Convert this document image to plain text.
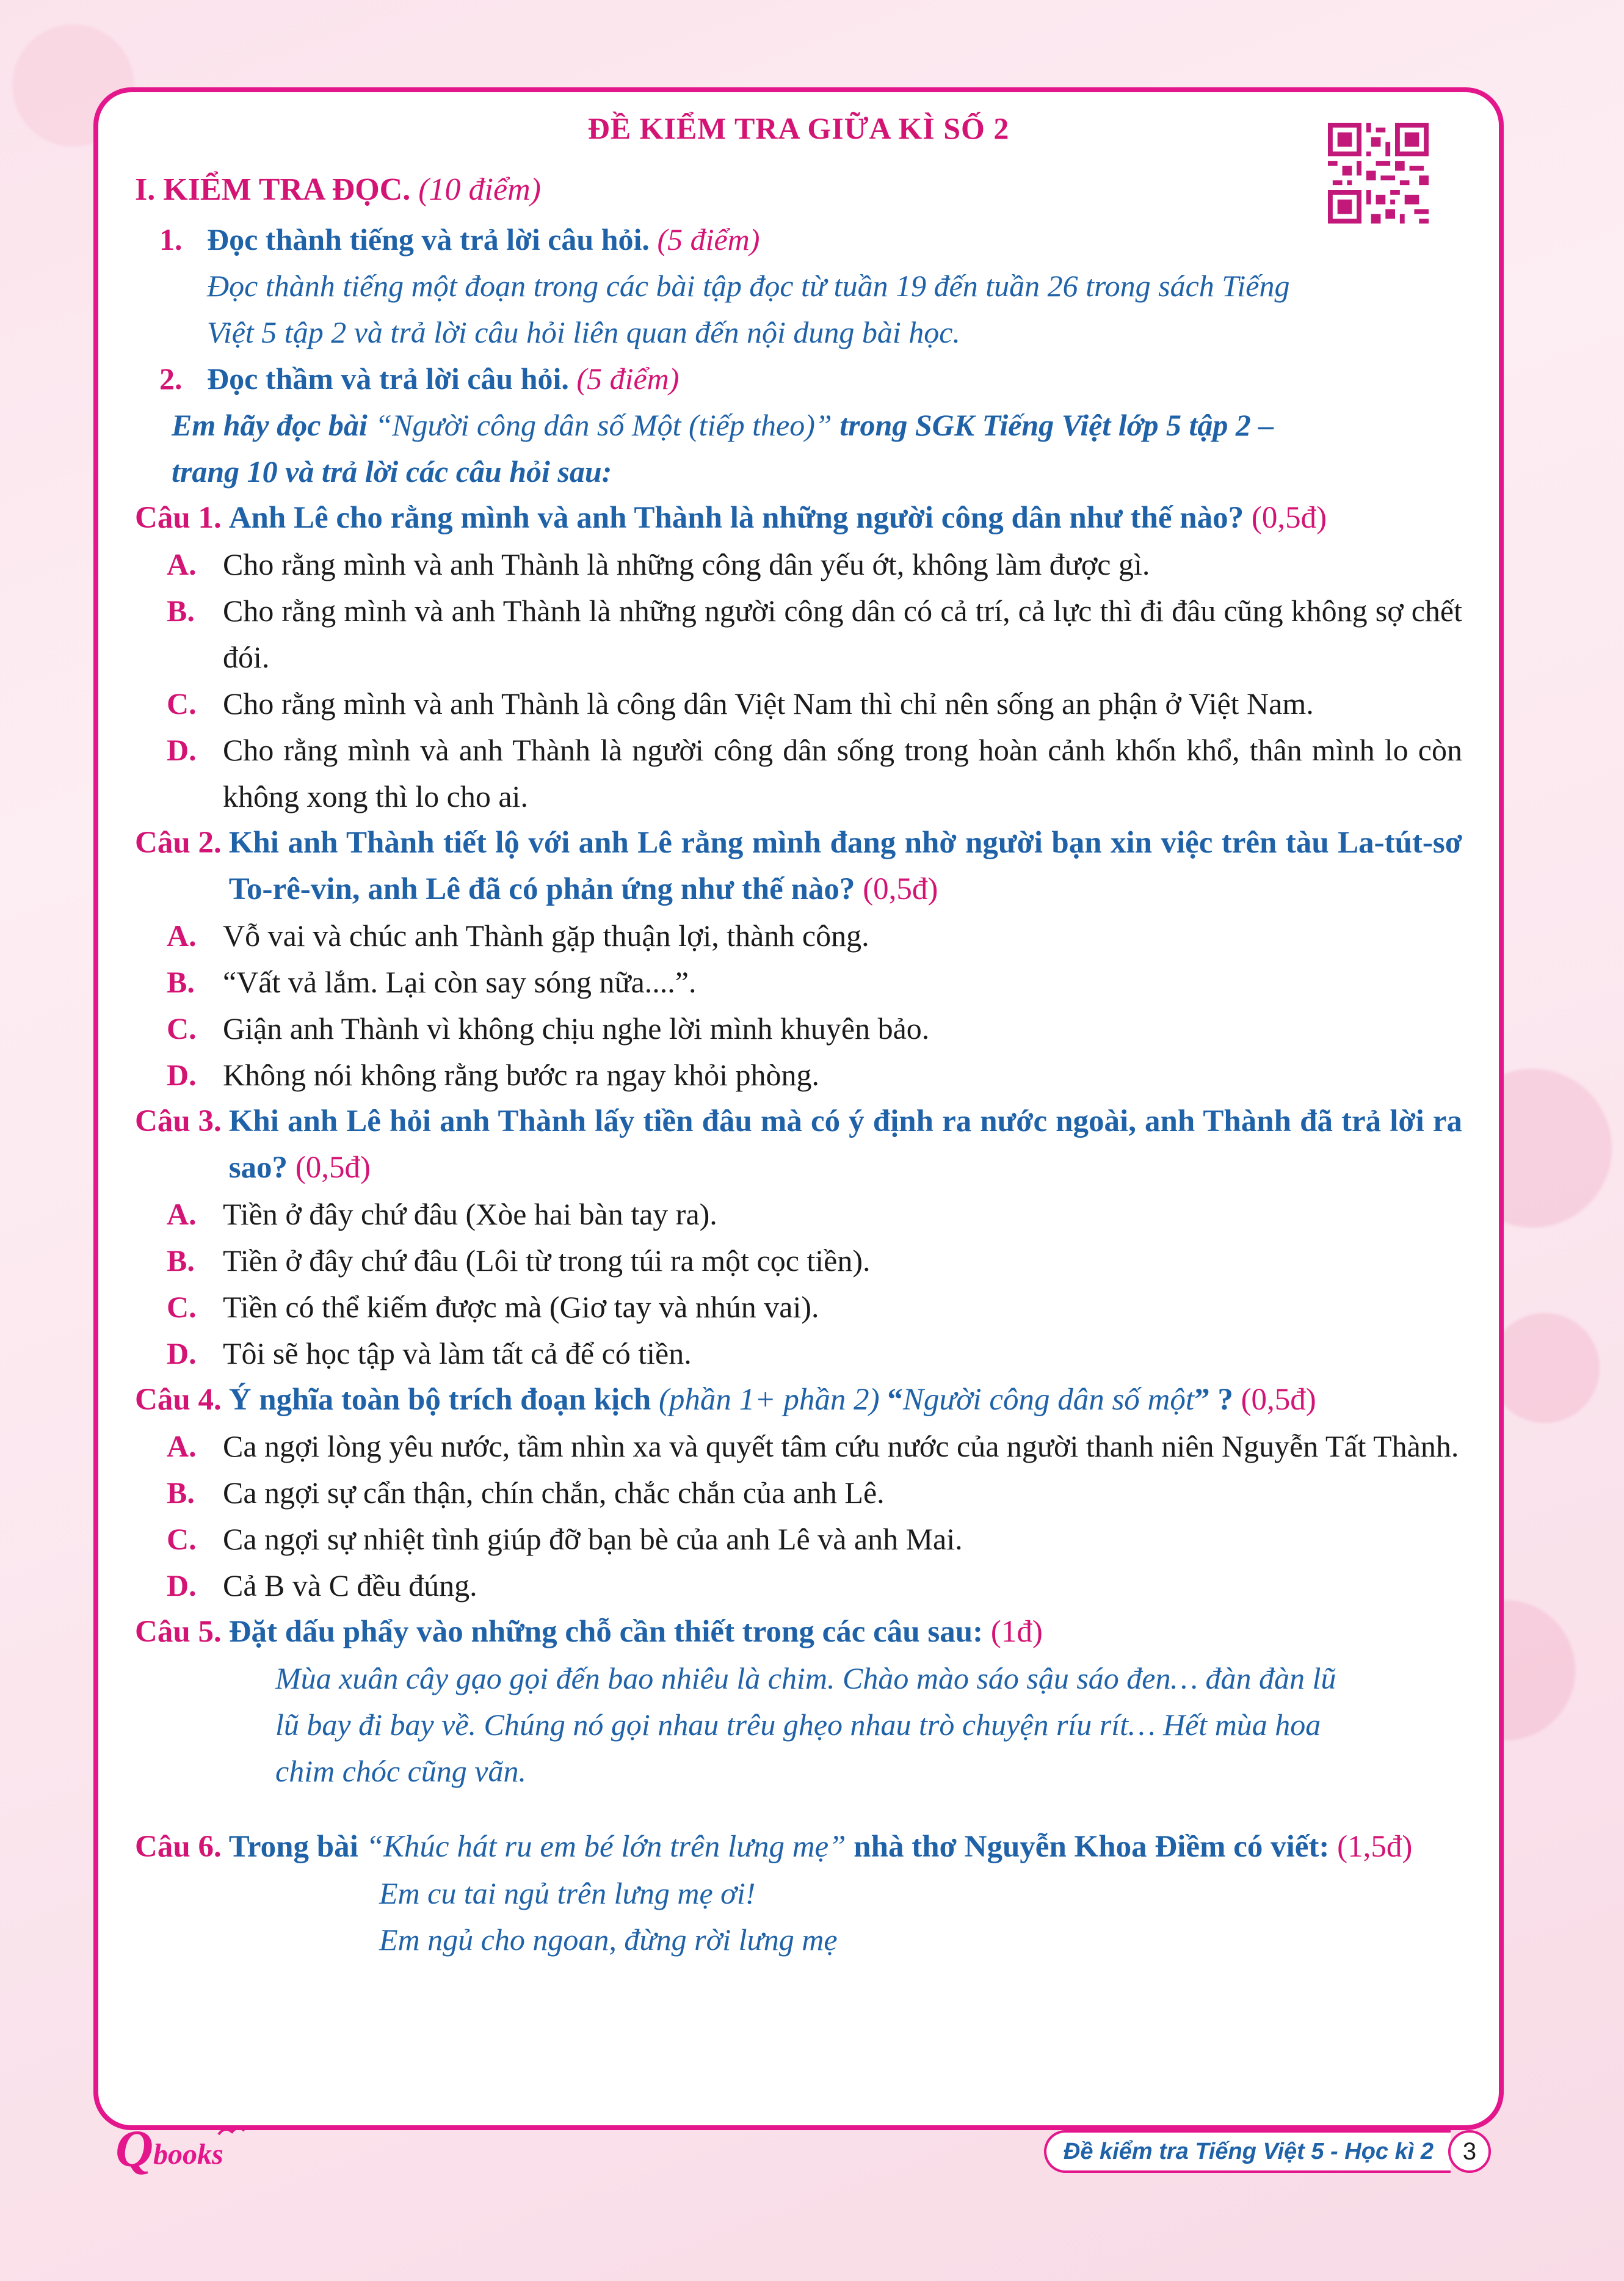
ĐỀ KIỂM TRA GIỮA KÌ SỐ 2
I. KIỂM TRA ĐỌC. (10 điểm)
1. Đọc thành tiếng và trả lời câu hỏi. (5 điểm)
Đọc thành tiếng một đoạn trong các bài tập đọc từ tuần 19 đến tuần 26 trong sách Tiếng
Việt 5 tập 2 và trả lời câu hỏi liên quan đến nội dung bài học.
2. Đọc thầm và trả lời câu hỏi. (5 điểm)
Em hãy đọc bài “Người công dân số Một (tiếp theo)” trong SGK Tiếng Việt lớp 5 tập 2 –
trang 10 và trả lời các câu hỏi sau:
Câu 1. Anh Lê cho rằng mình và anh Thành là những người công dân như thế nào? (0,5đ)
A. Cho rằng mình và anh Thành là những công dân yếu ớt, không làm được gì.
B. Cho rằng mình và anh Thành là những người công dân có cả trí, cả lực thì đi đâu cũng không sợ chết đói.
C. Cho rằng mình và anh Thành là công dân Việt Nam thì chỉ nên sống an phận ở Việt Nam.
D. Cho rằng mình và anh Thành là người công dân sống trong hoàn cảnh khốn khổ, thân mình lo còn không xong thì lo cho ai.
Câu 2. Khi anh Thành tiết lộ với anh Lê rằng mình đang nhờ người bạn xin việc trên tàu La-tút-sơ To-rê-vin, anh Lê đã có phản ứng như thế nào? (0,5đ)
A. Vỗ vai và chúc anh Thành gặp thuận lợi, thành công.
B. “Vất vả lắm. Lại còn say sóng nữa....”.
C. Giận anh Thành vì không chịu nghe lời mình khuyên bảo.
D. Không nói không rằng bước ra ngay khỏi phòng.
Câu 3. Khi anh Lê hỏi anh Thành lấy tiền đâu mà có ý định ra nước ngoài, anh Thành đã trả lời ra sao? (0,5đ)
A. Tiền ở đây chứ đâu (Xòe hai bàn tay ra).
B. Tiền ở đây chứ đâu (Lôi từ trong túi ra một cọc tiền).
C. Tiền có thể kiếm được mà (Giơ tay và nhún vai).
D. Tôi sẽ học tập và làm tất cả để có tiền.
Câu 4. Ý nghĩa toàn bộ trích đoạn kịch (phần 1+ phần 2) “Người công dân số một” ? (0,5đ)
A. Ca ngợi lòng yêu nước, tầm nhìn xa và quyết tâm cứu nước của người thanh niên Nguyễn Tất Thành.
B. Ca ngợi sự cẩn thận, chín chắn, chắc chắn của anh Lê.
C. Ca ngợi sự nhiệt tình giúp đỡ bạn bè của anh Lê và anh Mai.
D. Cả B và C đều đúng.
Câu 5. Đặt dấu phẩy vào những chỗ cần thiết trong các câu sau: (1đ)
Mùa xuân cây gạo gọi đến bao nhiêu là chim. Chào mào sáo sậu sáo đen… đàn đàn lũ
lũ bay đi bay về. Chúng nó gọi nhau trêu ghẹo nhau trò chuyện ríu rít… Hết mùa hoa
chim chóc cũng vãn.
Câu 6. Trong bài “Khúc hát ru em bé lớn trên lưng mẹ” nhà thơ Nguyễn Khoa Điềm có viết: (1,5đ)
Em cu tai ngủ trên lưng mẹ ơi!
Em ngủ cho ngoan, đừng rời lưng mẹ
Q books	Đề kiểm tra Tiếng Việt 5 - Học kì 2	3
